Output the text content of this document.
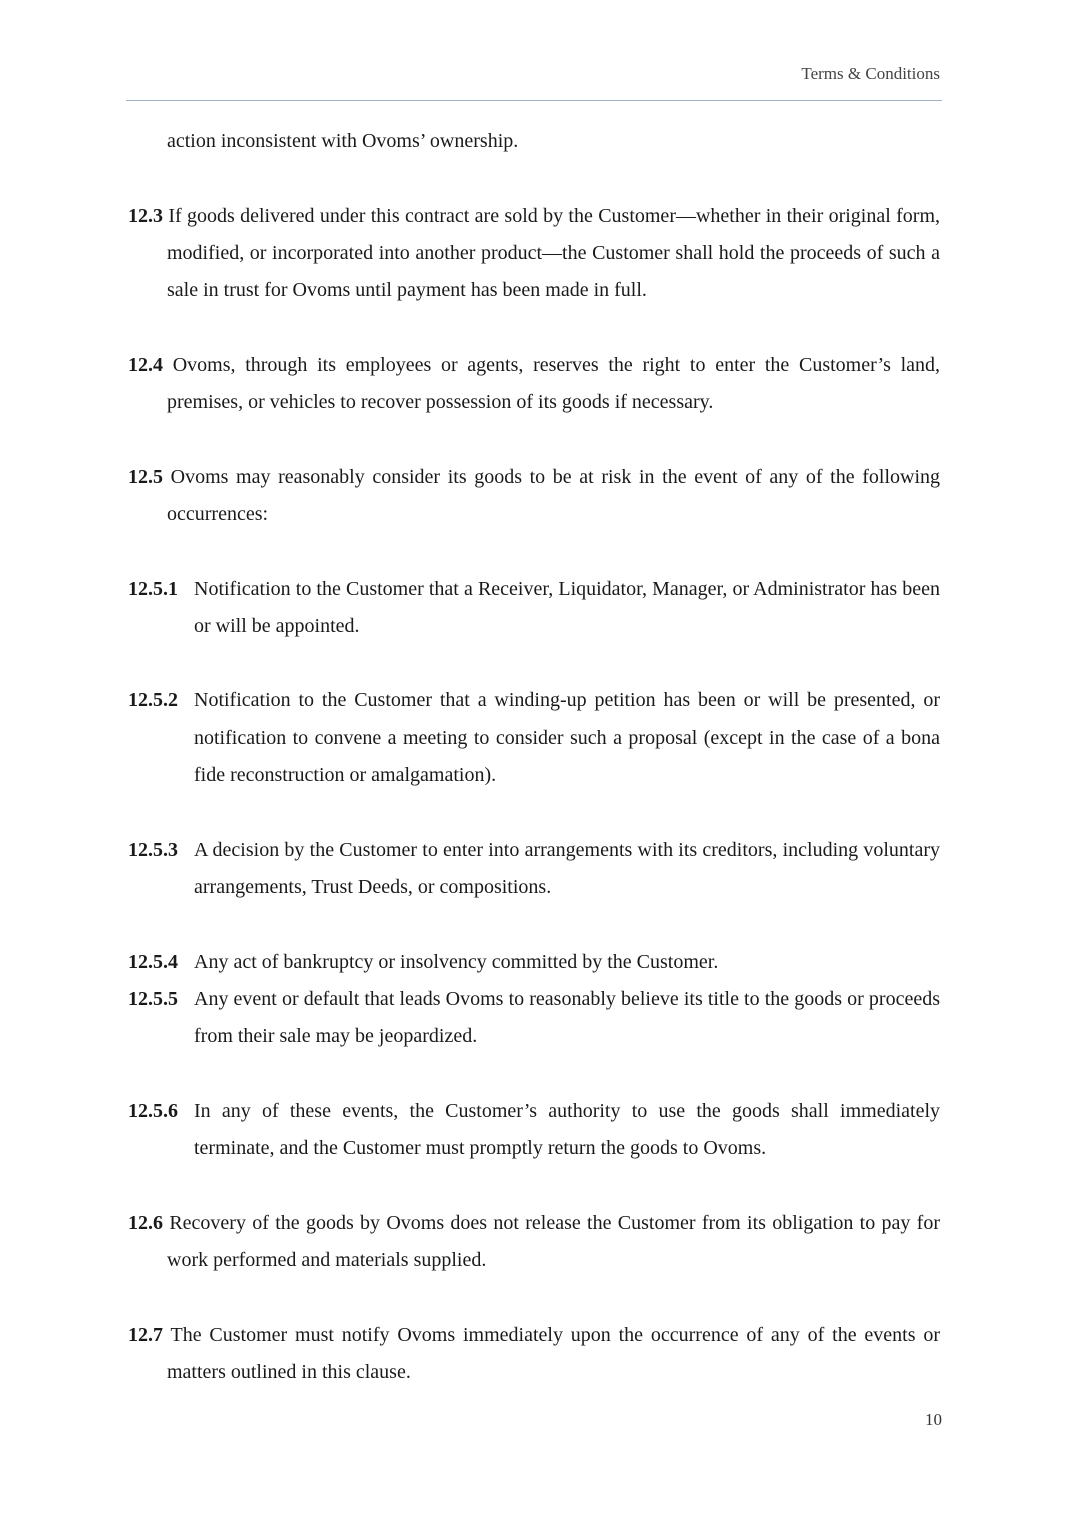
Terms & Conditions

action inconsistent with Ovoms’ ownership.

12.3 If goods delivered under this contract are sold by the Customer—whether in their original form, modified, or incorporated into another product—the Customer shall hold the proceeds of such a sale in trust for Ovoms until payment has been made in full.

12.4 Ovoms, through its employees or agents, reserves the right to enter the Customer’s land, premises, or vehicles to recover possession of its goods if necessary.

12.5 Ovoms may reasonably consider its goods to be at risk in the event of any of the following occurrences:

12.5.1 Notification to the Customer that a Receiver, Liquidator, Manager, or Administrator has been or will be appointed.

12.5.2 Notification to the Customer that a winding-up petition has been or will be presented, or notification to convene a meeting to consider such a proposal (except in the case of a bona fide reconstruction or amalgamation).

12.5.3 A decision by the Customer to enter into arrangements with its creditors, including voluntary arrangements, Trust Deeds, or compositions.

12.5.4 Any act of bankruptcy or insolvency committed by the Customer.

12.5.5 Any event or default that leads Ovoms to reasonably believe its title to the goods or proceeds from their sale may be jeopardized.

12.5.6 In any of these events, the Customer’s authority to use the goods shall immediately terminate, and the Customer must promptly return the goods to Ovoms.

12.6 Recovery of the goods by Ovoms does not release the Customer from its obligation to pay for work performed and materials supplied.

12.7 The Customer must notify Ovoms immediately upon the occurrence of any of the events or matters outlined in this clause.

10
